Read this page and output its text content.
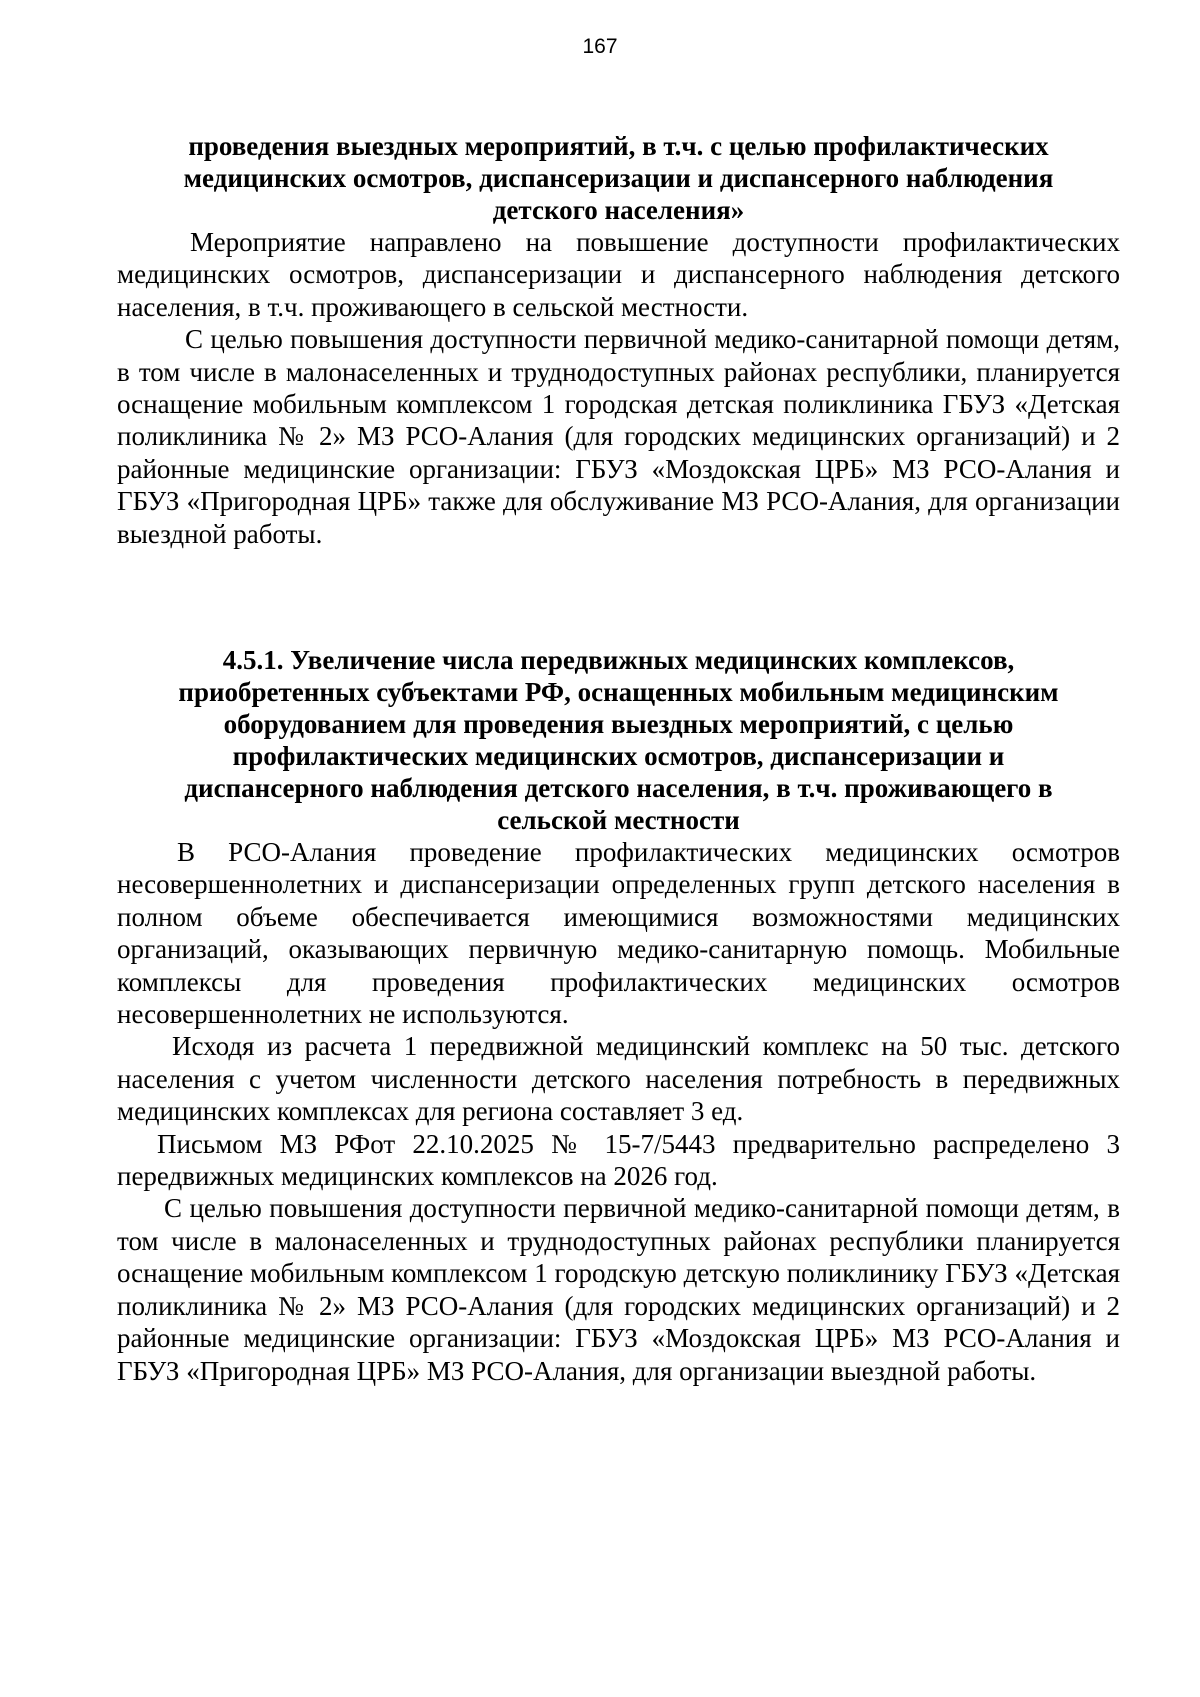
167
проведения выездных мероприятий, в т.ч. с целью профилактических
медицинских осмотров, диспансеризации и диспансерного наблюдения
детского населения»

Мероприятие направлено на повышение доступности профилактических медицинских осмотров, диспансеризации и диспансерного наблюдения детского населения, в т.ч. проживающего в сельской местности.

С целью повышения доступности первичной медико-санитарной помощи детям, в том числе в малонаселенных и труднодоступных районах республики, планируется оснащение мобильным комплексом 1 городская детская поликлиника ГБУЗ «Детская поликлиника № 2» МЗ РСО-Алания (для городских медицинских организаций) и 2 районные медицинские организации: ГБУЗ «Моздокская ЦРБ» МЗ РСО-Алания и ГБУЗ «Пригородная ЦРБ» также для обслуживание МЗ РСО-Алания, для организации выездной работы.

4.5.1. Увеличение числа передвижных медицинских комплексов,
приобретенных субъектами РФ, оснащенных мобильным медицинским
оборудованием для проведения выездных мероприятий, с целью
профилактических медицинских осмотров, диспансеризации и
диспансерного наблюдения детского населения, в т.ч. проживающего в
сельской местности

В РСО-Алания проведение профилактических медицинских осмотров несовершеннолетних и диспансеризации определенных групп детского населения в полном объеме обеспечивается имеющимися возможностями медицинских организаций, оказывающих первичную медико-санитарную помощь. Мобильные комплексы для проведения профилактических медицинских осмотров несовершеннолетних не используются.

Исходя из расчета 1 передвижной медицинский комплекс на 50 тыс. детского населения с учетом численности детского населения потребность в передвижных медицинских комплексах для региона составляет 3 ед.

Письмом МЗ РФот 22.10.2025 № 15-7/5443 предварительно распределено 3 передвижных медицинских комплексов на 2026 год.

С целью повышения доступности первичной медико-санитарной помощи детям, в том числе в малонаселенных и труднодоступных районах республики планируется оснащение мобильным комплексом 1 городскую детскую поликлинику ГБУЗ «Детская поликлиника № 2» МЗ РСО-Алания (для городских медицинских организаций) и 2 районные медицинские организации: ГБУЗ «Моздокская ЦРБ» МЗ РСО-Алания и ГБУЗ «Пригородная ЦРБ» МЗ РСО-Алания, для организации выездной работы.
